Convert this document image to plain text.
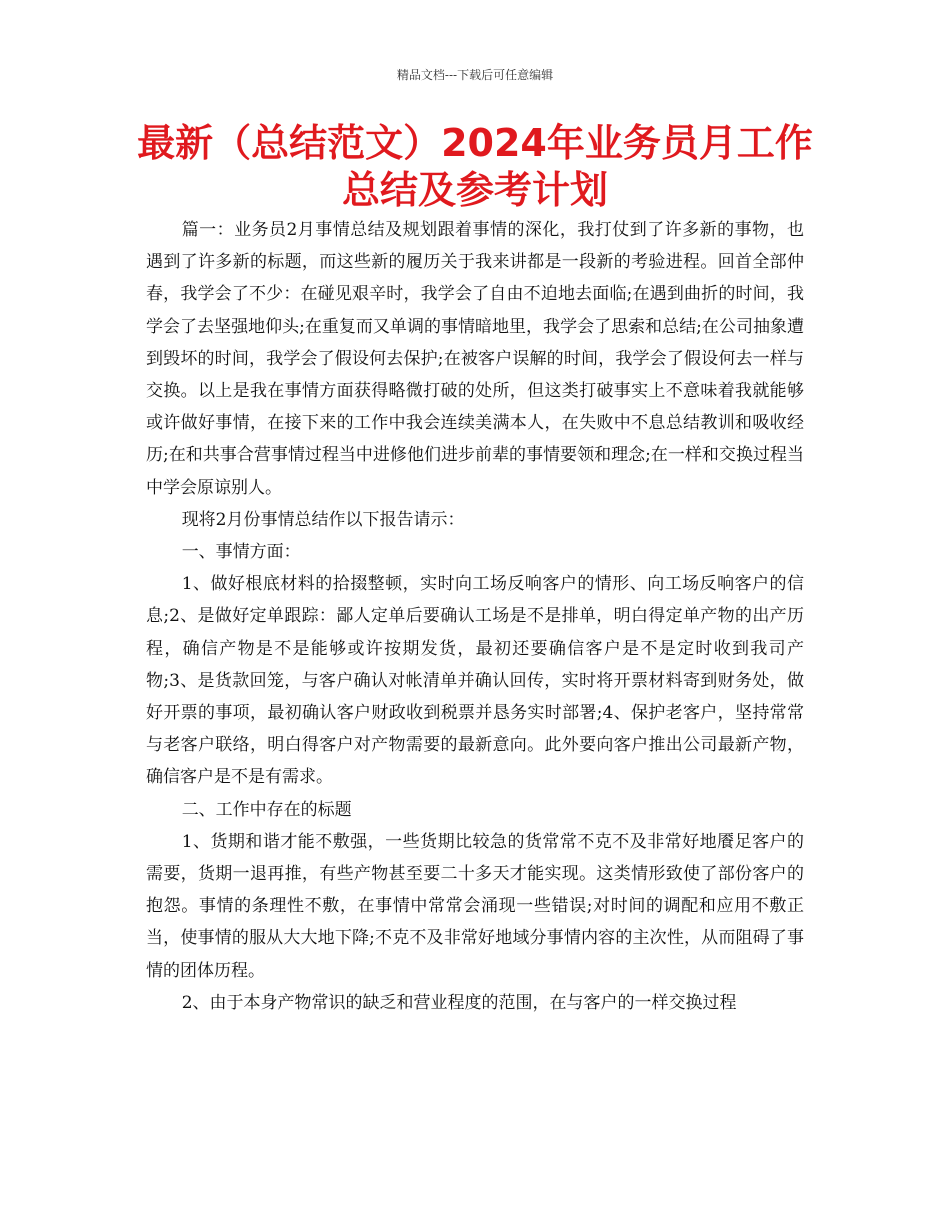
精品文档---下载后可任意编辑
最新（总结范文）2024年业务员月工作
总结及参考计划

篇一：业务员2月事情总结及规划跟着事情的深化，我打仗到了许多新的事物，也遇到了许多新的标题，而这些新的履历关于我来讲都是一段新的考验进程。回首全部仲春，我学会了不少：在碰见艰辛时，我学会了自由不迫地去面临;在遇到曲折的时间，我学会了去坚强地仰头;在重复而又单调的事情暗地里，我学会了思索和总结;在公司抽象遭到毁坏的时间，我学会了假设何去保护;在被客户误解的时间，我学会了假设何去一样与交换。以上是我在事情方面获得略微打破的处所，但这类打破事实上不意味着我就能够或许做好事情，在接下来的工作中我会连续美满本人，在失败中不息总结教训和吸收经历;在和共事合营事情过程当中进修他们进步前辈的事情要领和理念;在一样和交换过程当中学会原谅别人。

现将2月份事情总结作以下报告请示：

一、事情方面：

1、做好根底材料的拾掇整顿，实时向工场反响客户的情形、向工场反响客户的信息;2、是做好定单跟踪：鄙人定单后要确认工场是不是排单，明白得定单产物的出产历程，确信产物是不是能够或许按期发货，最初还要确信客户是不是定时收到我司产物;3、是货款回笼，与客户确认对帐清单并确认回传，实时将开票材料寄到财务处，做好开票的事项，最初确认客户财政收到税票并恳务实时部署;4、保护老客户，坚持常常与老客户联络，明白得客户对产物需要的最新意向。此外要向客户推出公司最新产物，确信客户是不是有需求。

二、工作中存在的标题

1、货期和谐才能不敷强，一些货期比较急的货常常不克不及非常好地餍足客户的需要，货期一退再推，有些产物甚至要二十多天才能实现。这类情形致使了部份客户的抱怨。事情的条理性不敷，在事情中常常会涌现一些错误;对时间的调配和应用不敷正当，使事情的服从大大地下降;不克不及非常好地域分事情内容的主次性，从而阻碍了事情的团体历程。

2、由于本身产物常识的缺乏和营业程度的范围，在与客户的一样交换过程
